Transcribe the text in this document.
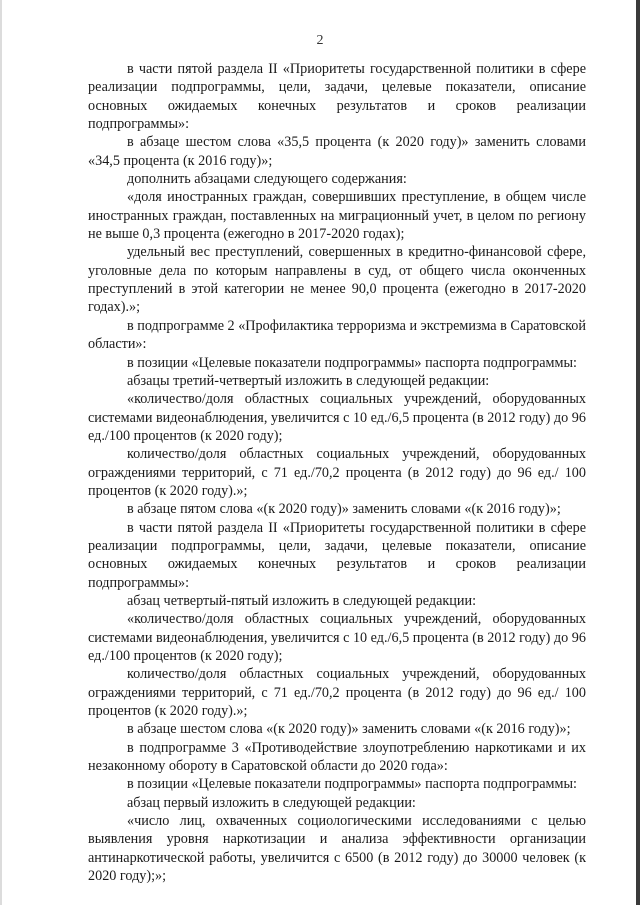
2

в части пятой раздела II «Приоритеты государственной политики в сфере реализации подпрограммы, цели, задачи, целевые показатели, описание основных ожидаемых конечных результатов и сроков реализации подпрограммы»:

в абзаце шестом слова «35,5 процента (к 2020 году)» заменить словами «34,5 процента (к 2016 году)»;

дополнить абзацами следующего содержания:

«доля иностранных граждан, совершивших преступление, в общем числе иностранных граждан, поставленных на миграционный учет, в целом по региону не выше 0,3 процента (ежегодно в 2017-2020 годах);

удельный вес преступлений, совершенных в кредитно-финансовой сфере, уголовные дела по которым направлены в суд, от общего числа оконченных преступлений в этой категории не менее 90,0 процента (ежегодно в 2017-2020 годах).»;

в подпрограмме 2 «Профилактика терроризма и экстремизма в Саратовской области»:

в позиции «Целевые показатели подпрограммы» паспорта подпрограммы:

абзацы третий-четвертый изложить в следующей редакции:

«количество/доля областных социальных учреждений, оборудованных системами видеонаблюдения, увеличится с 10 ед./6,5 процента (в 2012 году) до 96 ед./100 процентов (к 2020 году);

количество/доля областных социальных учреждений, оборудованных ограждениями территорий, с 71 ед./70,2 процента (в 2012 году) до 96 ед./ 100 процентов (к 2020 году).»;

в абзаце пятом слова «(к 2020 году)» заменить словами «(к 2016 году)»;

в части пятой раздела II «Приоритеты государственной политики в сфере реализации подпрограммы, цели, задачи, целевые показатели, описание основных ожидаемых конечных результатов и сроков реализации подпрограммы»:

абзац четвертый-пятый изложить в следующей редакции:

«количество/доля областных социальных учреждений, оборудованных системами видеонаблюдения, увеличится с 10 ед./6,5 процента (в 2012 году) до 96 ед./100 процентов (к 2020 году);

количество/доля областных социальных учреждений, оборудованных ограждениями территорий, с 71 ед./70,2 процента (в 2012 году) до 96 ед./ 100 процентов (к 2020 году).»;

в абзаце шестом слова «(к 2020 году)» заменить словами «(к 2016 году)»;

в подпрограмме 3 «Противодействие злоупотреблению наркотиками и их незаконному обороту в Саратовской области до 2020 года»:

в позиции «Целевые показатели подпрограммы» паспорта подпрограммы:

абзац первый изложить в следующей редакции:

«число лиц, охваченных социологическими исследованиями с целью выявления уровня наркотизации и анализа эффективности организации антинаркотической работы, увеличится с 6500 (в 2012 году) до 30000 человек (к 2020 году);»;
